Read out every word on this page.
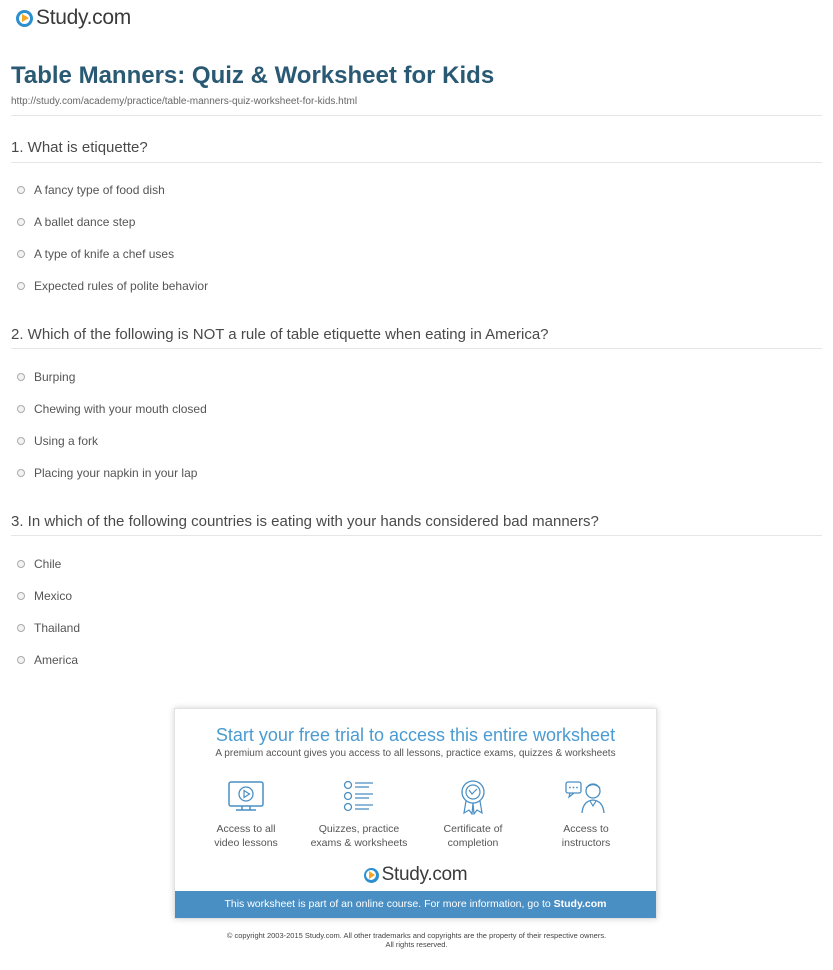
Study.com
Table Manners: Quiz & Worksheet for Kids
http://study.com/academy/practice/table-manners-quiz-worksheet-for-kids.html
1. What is etiquette?
A fancy type of food dish
A ballet dance step
A type of knife a chef uses
Expected rules of polite behavior
2. Which of the following is NOT a rule of table etiquette when eating in America?
Burping
Chewing with your mouth closed
Using a fork
Placing your napkin in your lap
3. In which of the following countries is eating with your hands considered bad manners?
Chile
Mexico
Thailand
America
Start your free trial to access this entire worksheet
A premium account gives you access to all lessons, practice exams, quizzes & worksheets
Access to all
video lessons
Quizzes, practice
exams & worksheets
Certificate of
completion
Access to
instructors
Study.com
This worksheet is part of an online course. For more information, go to Study.com
© copyright 2003-2015 Study.com. All other trademarks and copyrights are the property of their respective owners.
All rights reserved.
